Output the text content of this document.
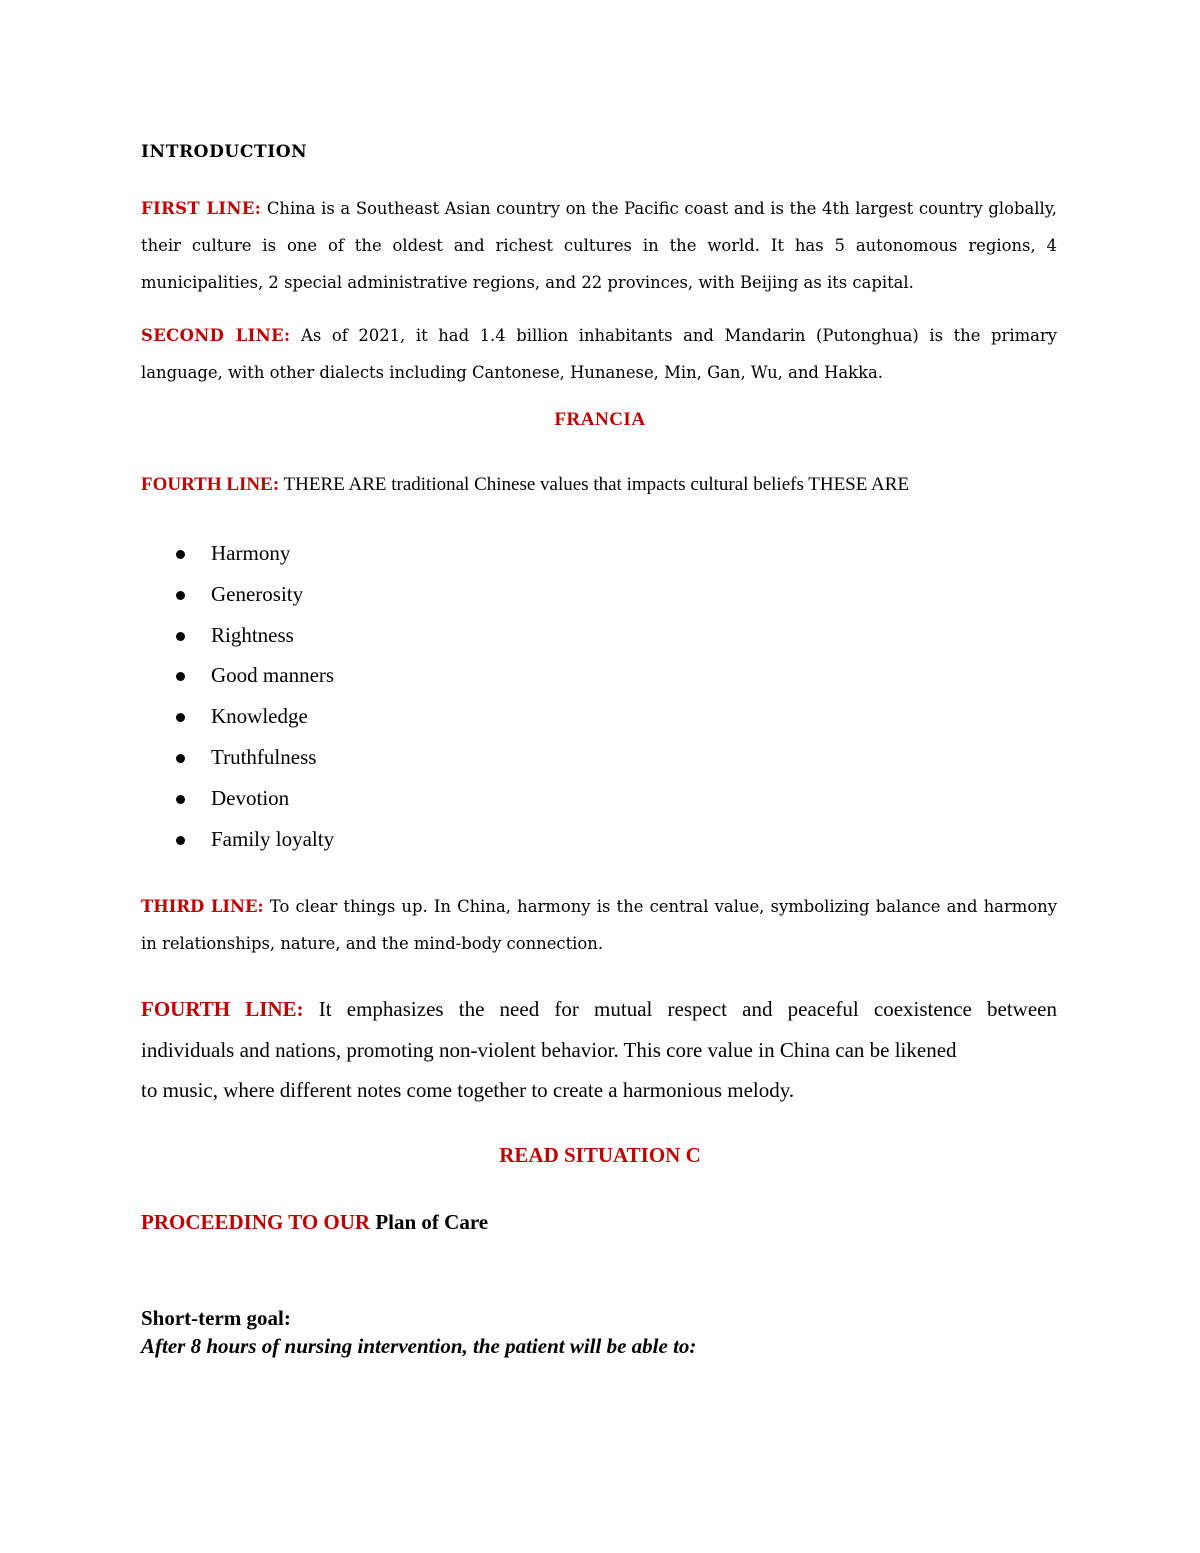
INTRODUCTION

FIRST LINE: China is a Southeast Asian country on the Pacific coast and is the 4th largest country globally, their culture is one of the oldest and richest cultures in the world. It has 5 autonomous regions, 4 municipalities, 2 special administrative regions, and 22 provinces, with Beijing as its capital.

SECOND LINE: As of 2021, it had 1.4 billion inhabitants and Mandarin (Putonghua) is the primary language, with other dialects including Cantonese, Hunanese, Min, Gan, Wu, and Hakka.

FRANCIA

FOURTH LINE: THERE ARE traditional Chinese values that impacts cultural beliefs THESE ARE

Harmony
Generosity
Rightness
Good manners
Knowledge
Truthfulness
Devotion
Family loyalty

THIRD LINE: To clear things up. In China, harmony is the central value, symbolizing balance and harmony in relationships, nature, and the mind-body connection.

FOURTH LINE: It emphasizes the need for mutual respect and peaceful coexistence between
individuals and nations, promoting non-violent behavior. This core value in China can be likened
to music, where different notes come together to create a harmonious melody.

READ SITUATION C

PROCEEDING TO OUR Plan of Care

Short-term goal:

After 8 hours of nursing intervention, the patient will be able to:
